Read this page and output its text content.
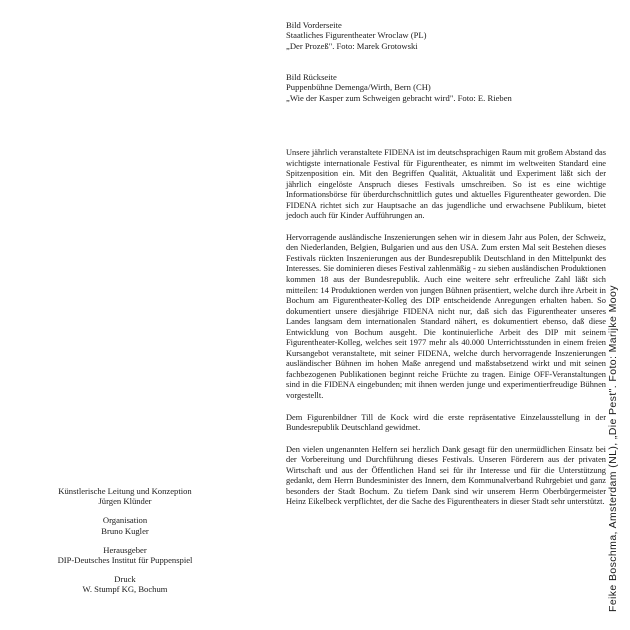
Bild Vorderseite
Staatliches Figurentheater Wroclaw (PL)
„Der Prozeß". Foto: Marek Grotowski
Bild Rückseite
Puppenbühne Demenga/Wirth, Bern (CH)
„Wie der Kasper zum Schweigen gebracht wird". Foto: E. Rieben

Unsere jährlich veranstaltete FIDENA ist im deutschsprachigen Raum mit großem Abstand das wichtigste internationale Festival für Figurentheater, es nimmt im weltweiten Standard eine Spitzenposition ein. Mit den Begriffen Qualität, Aktualität und Experiment läßt sich der jährlich eingelöste Anspruch dieses Festivals umschreiben. So ist es eine wichtige Informationsbörse für überdurchschnittlich gutes und aktuelles Figurentheater geworden. Die FIDENA richtet sich zur Hauptsache an das jugendliche und erwachsene Publikum, bietet jedoch auch für Kinder Aufführungen an.

Hervorragende ausländische Inszenierungen sehen wir in diesem Jahr aus Polen, der Schweiz, den Niederlanden, Belgien, Bulgarien und aus den USA. Zum ersten Mal seit Bestehen dieses Festivals rückten Inszenierungen aus der Bundesrepublik Deutschland in den Mittelpunkt des Interesses. Sie dominieren dieses Festival zahlenmäßig - zu sieben ausländischen Produktionen kommen 18 aus der Bundesrepublik. Auch eine weitere sehr erfreuliche Zahl läßt sich mitteilen: 14 Produktionen werden von jungen Bühnen präsentiert, welche durch ihre Arbeit in Bochum am Figurentheater-Kolleg des DIP entscheidende Anregungen erhalten haben. So dokumentiert unsere diesjährige FIDENA nicht nur, daß sich das Figurentheater unseres Landes langsam dem internationalen Standard nähert, es dokumentiert ebenso, daß diese Entwicklung von Bochum ausgeht. Die kontinuierliche Arbeit des DIP mit seinem Figurentheater-Kolleg, welches seit 1977 mehr als 40.000 Unterrichtsstunden in einem freien Kursangebot veranstaltete, mit seiner FIDENA, welche durch hervorragende Inszenierungen ausländischer Bühnen im hohen Maße anregend und maßstabsetzend wirkt und mit seinen fachbezogenen Publikationen beginnt reiche Früchte zu tragen. Einige OFF-Veranstaltungen sind in die FIDENA eingebunden; mit ihnen werden junge und experimentierfreudige Bühnen vorgestellt.

Dem Figurenbildner Till de Kock wird die erste repräsentative Einzelausstellung in der Bundesrepublik Deutschland gewidmet.

Den vielen ungenannten Helfern sei herzlich Dank gesagt für den unermüdlichen Einsatz bei der Vorbereitung und Durchführung dieses Festivals. Unseren Förderern aus der privaten Wirtschaft und aus der Öffentlichen Hand sei für ihr Interesse und für die Unterstützung gedankt, dem Herrn Bundesminister des Innern, dem Kommunalverband Ruhrgebiet und ganz besonders der Stadt Bochum. Zu tiefem Dank sind wir unserem Herrn Oberbürgermeister Heinz Eikelbeck verpflichtet, der die Sache des Figurentheaters in dieser Stadt sehr unterstützt.

Künstlerische Leitung und Konzeption
Jürgen Klünder
Organisation
Bruno Kugler
Herausgeber
DIP-Deutsches Institut für Puppenspiel
Druck
W. Stumpf KG, Bochum	Feike Boschma, Amsterdam (NL), „Die Pest". Foto: Marijke Mooy
